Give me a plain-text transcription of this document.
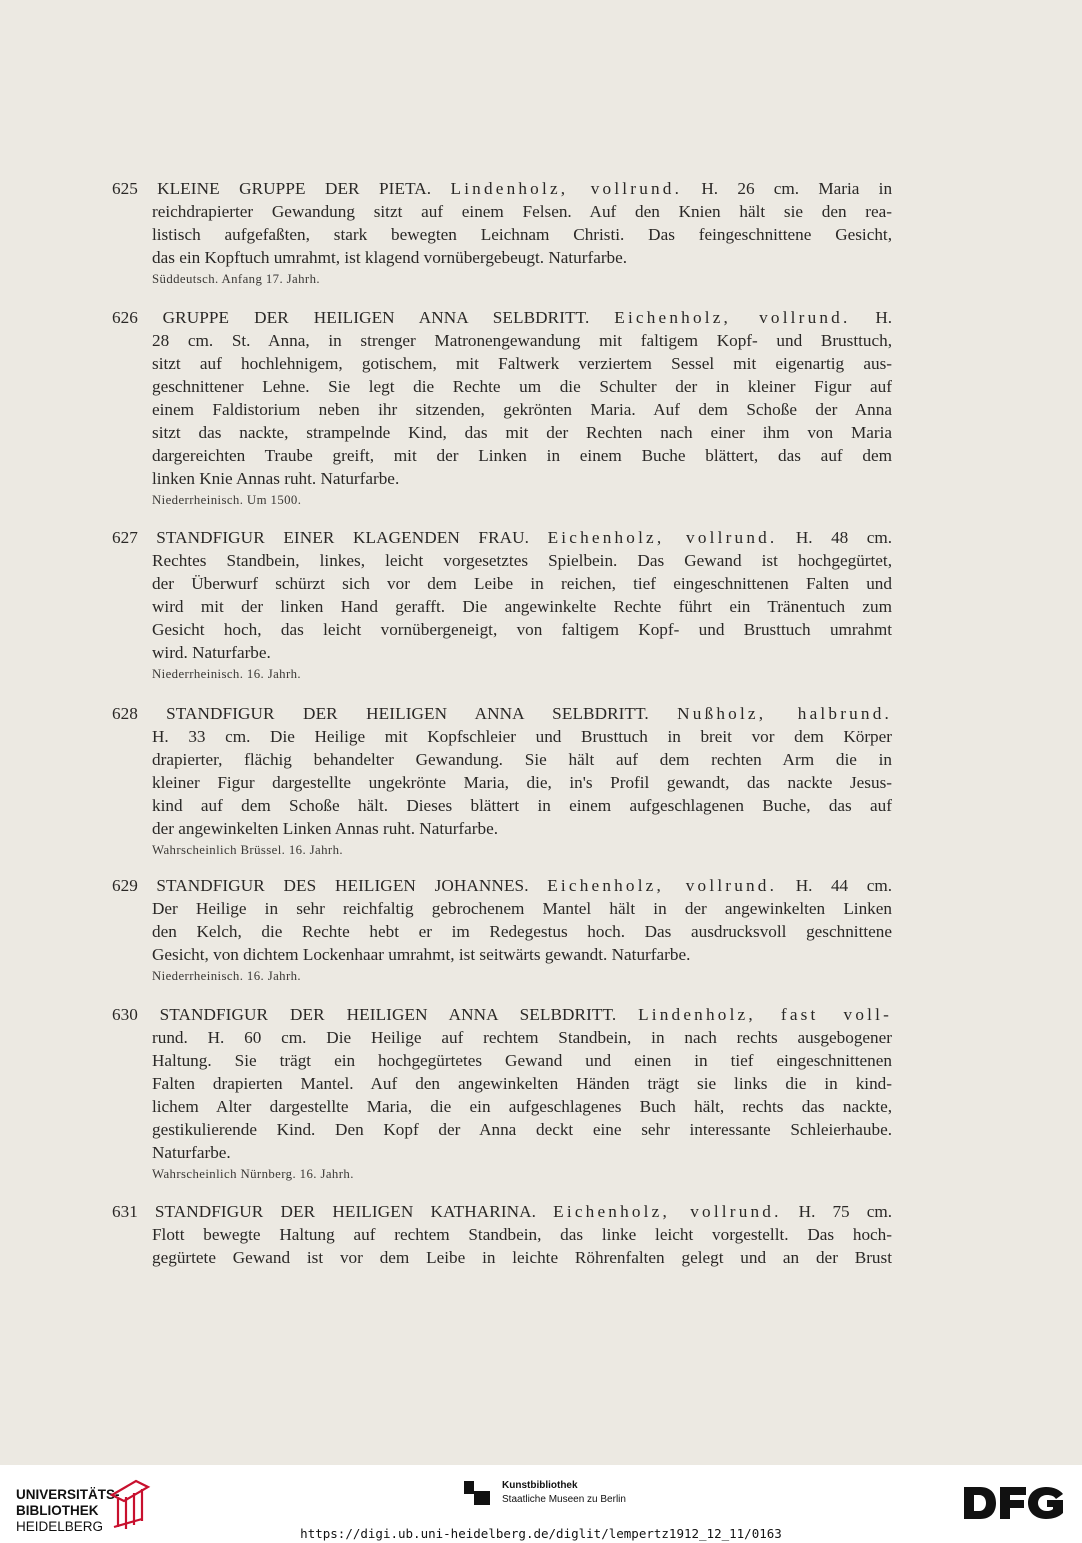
625 KLEINE GRUPPE DER PIETA. Lindenholz, vollrund. H. 26 cm. Maria in
reichdrapierter Gewandung sitzt auf einem Felsen. Auf den Knien hält sie den rea-
listisch aufgefaßten, stark bewegten Leichnam Christi. Das feingeschnittene Gesicht,
das ein Kopftuch umrahmt, ist klagend vornübergebeugt. Naturfarbe.
Süddeutsch. Anfang 17. Jahrh.
626 GRUPPE DER HEILIGEN ANNA SELBDRITT. Eichenholz, vollrund. H.
28 cm. St. Anna, in strenger Matronengewandung mit faltigem Kopf- und Brusttuch,
sitzt auf hochlehnigem, gotischem, mit Faltwerk verziertem Sessel mit eigenartig aus-
geschnittener Lehne. Sie legt die Rechte um die Schulter der in kleiner Figur auf
einem Faldistorium neben ihr sitzenden, gekrönten Maria. Auf dem Schoße der Anna
sitzt das nackte, strampelnde Kind, das mit der Rechten nach einer ihm von Maria
dargereichten Traube greift, mit der Linken in einem Buche blättert, das auf dem
linken Knie Annas ruht. Naturfarbe.
Niederrheinisch. Um 1500.
627 STANDFIGUR EINER KLAGENDEN FRAU. Eichenholz, vollrund. H. 48 cm.
Rechtes Standbein, linkes, leicht vorgesetztes Spielbein. Das Gewand ist hochgegürtet,
der Überwurf schürzt sich vor dem Leibe in reichen, tief eingeschnittenen Falten und
wird mit der linken Hand gerafft. Die angewinkelte Rechte führt ein Tränentuch zum
Gesicht hoch, das leicht vornübergeneigt, von faltigem Kopf- und Brusttuch umrahmt
wird. Naturfarbe.
Niederrheinisch. 16. Jahrh.
628 STANDFIGUR DER HEILIGEN ANNA SELBDRITT. Nußholz, halbrund.
H. 33 cm. Die Heilige mit Kopfschleier und Brusttuch in breit vor dem Körper
drapierter, flächig behandelter Gewandung. Sie hält auf dem rechten Arm die in
kleiner Figur dargestellte ungekrönte Maria, die, in's Profil gewandt, das nackte Jesus-
kind auf dem Schoße hält. Dieses blättert in einem aufgeschlagenen Buche, das auf
der angewinkelten Linken Annas ruht. Naturfarbe.
Wahrscheinlich Brüssel. 16. Jahrh.
629 STANDFIGUR DES HEILIGEN JOHANNES. Eichenholz, vollrund. H. 44 cm.
Der Heilige in sehr reichfaltig gebrochenem Mantel hält in der angewinkelten Linken
den Kelch, die Rechte hebt er im Redegestus hoch. Das ausdrucksvoll geschnittene
Gesicht, von dichtem Lockenhaar umrahmt, ist seitwärts gewandt. Naturfarbe.
Niederrheinisch. 16. Jahrh.
630 STANDFIGUR DER HEILIGEN ANNA SELBDRITT. Lindenholz, fast voll-
rund. H. 60 cm. Die Heilige auf rechtem Standbein, in nach rechts ausgebogener
Haltung. Sie trägt ein hochgegürtetes Gewand und einen in tief eingeschnittenen
Falten drapierten Mantel. Auf den angewinkelten Händen trägt sie links die in kind-
lichem Alter dargestellte Maria, die ein aufgeschlagenes Buch hält, rechts das nackte,
gestikulierende Kind. Den Kopf der Anna deckt eine sehr interessante Schleierhaube.
Naturfarbe.
Wahrscheinlich Nürnberg. 16. Jahrh.
631 STANDFIGUR DER HEILIGEN KATHARINA. Eichenholz, vollrund. H. 75 cm.
Flott bewegte Haltung auf rechtem Standbein, das linke leicht vorgestellt. Das hoch-
gegürtete Gewand ist vor dem Leibe in leichte Röhrenfalten gelegt und an der Brust
UNIVERSITÄTS-
BIBLIOTHEK
HEIDELBERG
Kunstbibliothek
Staatliche Museen zu Berlin
https://digi.ub.uni-heidelberg.de/diglit/lempertz1912_12_11/0163
